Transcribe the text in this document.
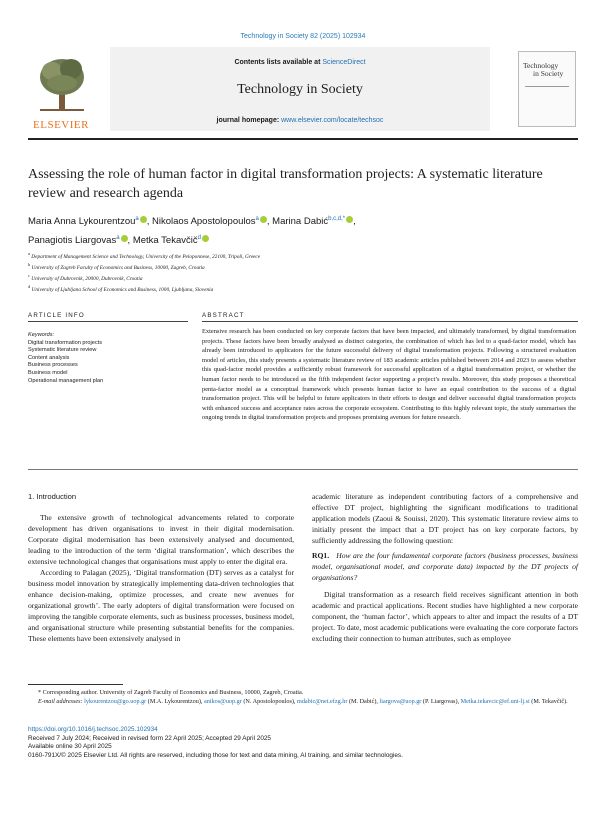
Technology in Society 82 (2025) 102934
ELSEVIER
Contents lists available at ScienceDirect
Technology in Society
journal homepage: www.elsevier.com/locate/techsoc
Technology
in Society
Assessing the role of human factor in digital transformation projects: A systematic literature review and research agenda
Maria Anna Lykourentzou$^a$ , Nikolaos Apostolopoulos$^a$ , Marina Dabić$^{b,c,d,*}$ ,
Panagiotis Liargovas$^a$ , Metka Tekavčič$^d$
$^a$ Department of Management Science and Technology, University of the Peloponnese, 22100, Tripoli, Greece
$^b$ University of Zagreb Faculty of Economics and Business, 10000, Zagreb, Croatia
$^c$ University of Dubrovnik, 20000, Dubrovnik, Croatia
$^d$ University of Ljubljana School of Economics and Business, 1000, Ljubljana, Slovenia
ARTICLE INFO
Keywords:
Digital transformation projects
Systematic literature review
Content analysis
Business processes
Business model
Operational management plan
ABSTRACT
Extensive research has been conducted on key corporate factors that have been impacted, and ultimately transformed, by digital transformation projects. These factors have been broadly analysed as distinct categories, the combination of which has led to a quad-factor model, which has already been introduced to applicators for the future successful delivery of digital transformation projects. Following a structured evaluation model of articles, this study presents a systematic literature review of 183 academic articles published between 2014 and 2023 to assess whether this quad-factor model provides a sufficiently robust framework for successful application of a digital transformation project, or whether the human factor needs to be introduced as the fifth independent factor supporting a project’s results. Moreover, this study proposes a theoretical penta-factor model as a conceptual framework which presents human factor to have an equal contribution to the success of a digital transformation project. This will be helpful to future applicators in their efforts to design and deliver successful digital transformation projects with enhanced success and acceptance rates across the corporate ecosystem. Contributing to this highly relevant topic, the study summarises the ongoing trends in digital transformation projects and proposes promising avenues for future research.
1. Introduction

The extensive growth of technological advancements related to corporate development has driven organisations to invest in their digital modernisation. Corporate digital modernisation has been extensively analysed and documented, leading to the introduction of the term ‘digital transformation’, which describes the extensive technological changes that organisations must apply to enter the digital era.

According to Palagan (2025), ‘Digital transformation (DT) serves as a catalyst for business model innovation by strategically implementing data-driven technologies that enhance decision-making, optimize processes, and create new avenues for organizational growth’. The early adopters of digital transformation were focused on improving the tangible corporate elements, such as business processes, business model, and organisational structure while presenting substantial benefits for the companies. These elements have been extensively analysed in

academic literature as independent contributing factors of a comprehensive and effective DT project, highlighting the significant modifications to traditional application models (Zaoui & Souissi, 2020). This systematic literature review aims to initially present the impact that a DT project has on key corporate factors, by sufficiently addressing the following question:

RQ1. How are the four fundamental corporate factors (business processes, business model, organisational model, and corporate data) impacted by the DT projects of organisations?

Digital transformation as a research field receives significant attention in both academic and practical applications. Recent studies have highlighted a new corporate component, the ‘human factor’, which appears to alter and impact the results of a DT project. To date, most academic publications were evaluating the core corporate factors excluding their connection to human attributes, such as employee

* Corresponding author. University of Zagreb Faculty of Economics and Business, 10000, Zagreb, Croatia.
E-mail addresses: lykourentzou@go.uop.gr (M.A. Lykourentzou), anikos@uop.gr (N. Apostolopoulos), mdabic@net.efzg.hr (M. Dabić), liargova@uop.gr (P. Liargovas), Metka.tekavcic@ef.uni-lj.si (M. Tekavčič).
https://doi.org/10.1016/j.techsoc.2025.102934
Received 7 July 2024; Received in revised form 22 April 2025; Accepted 29 April 2025
Available online 30 April 2025
0160-791X/© 2025 Elsevier Ltd. All rights are reserved, including those for text and data mining, AI training, and similar technologies.
